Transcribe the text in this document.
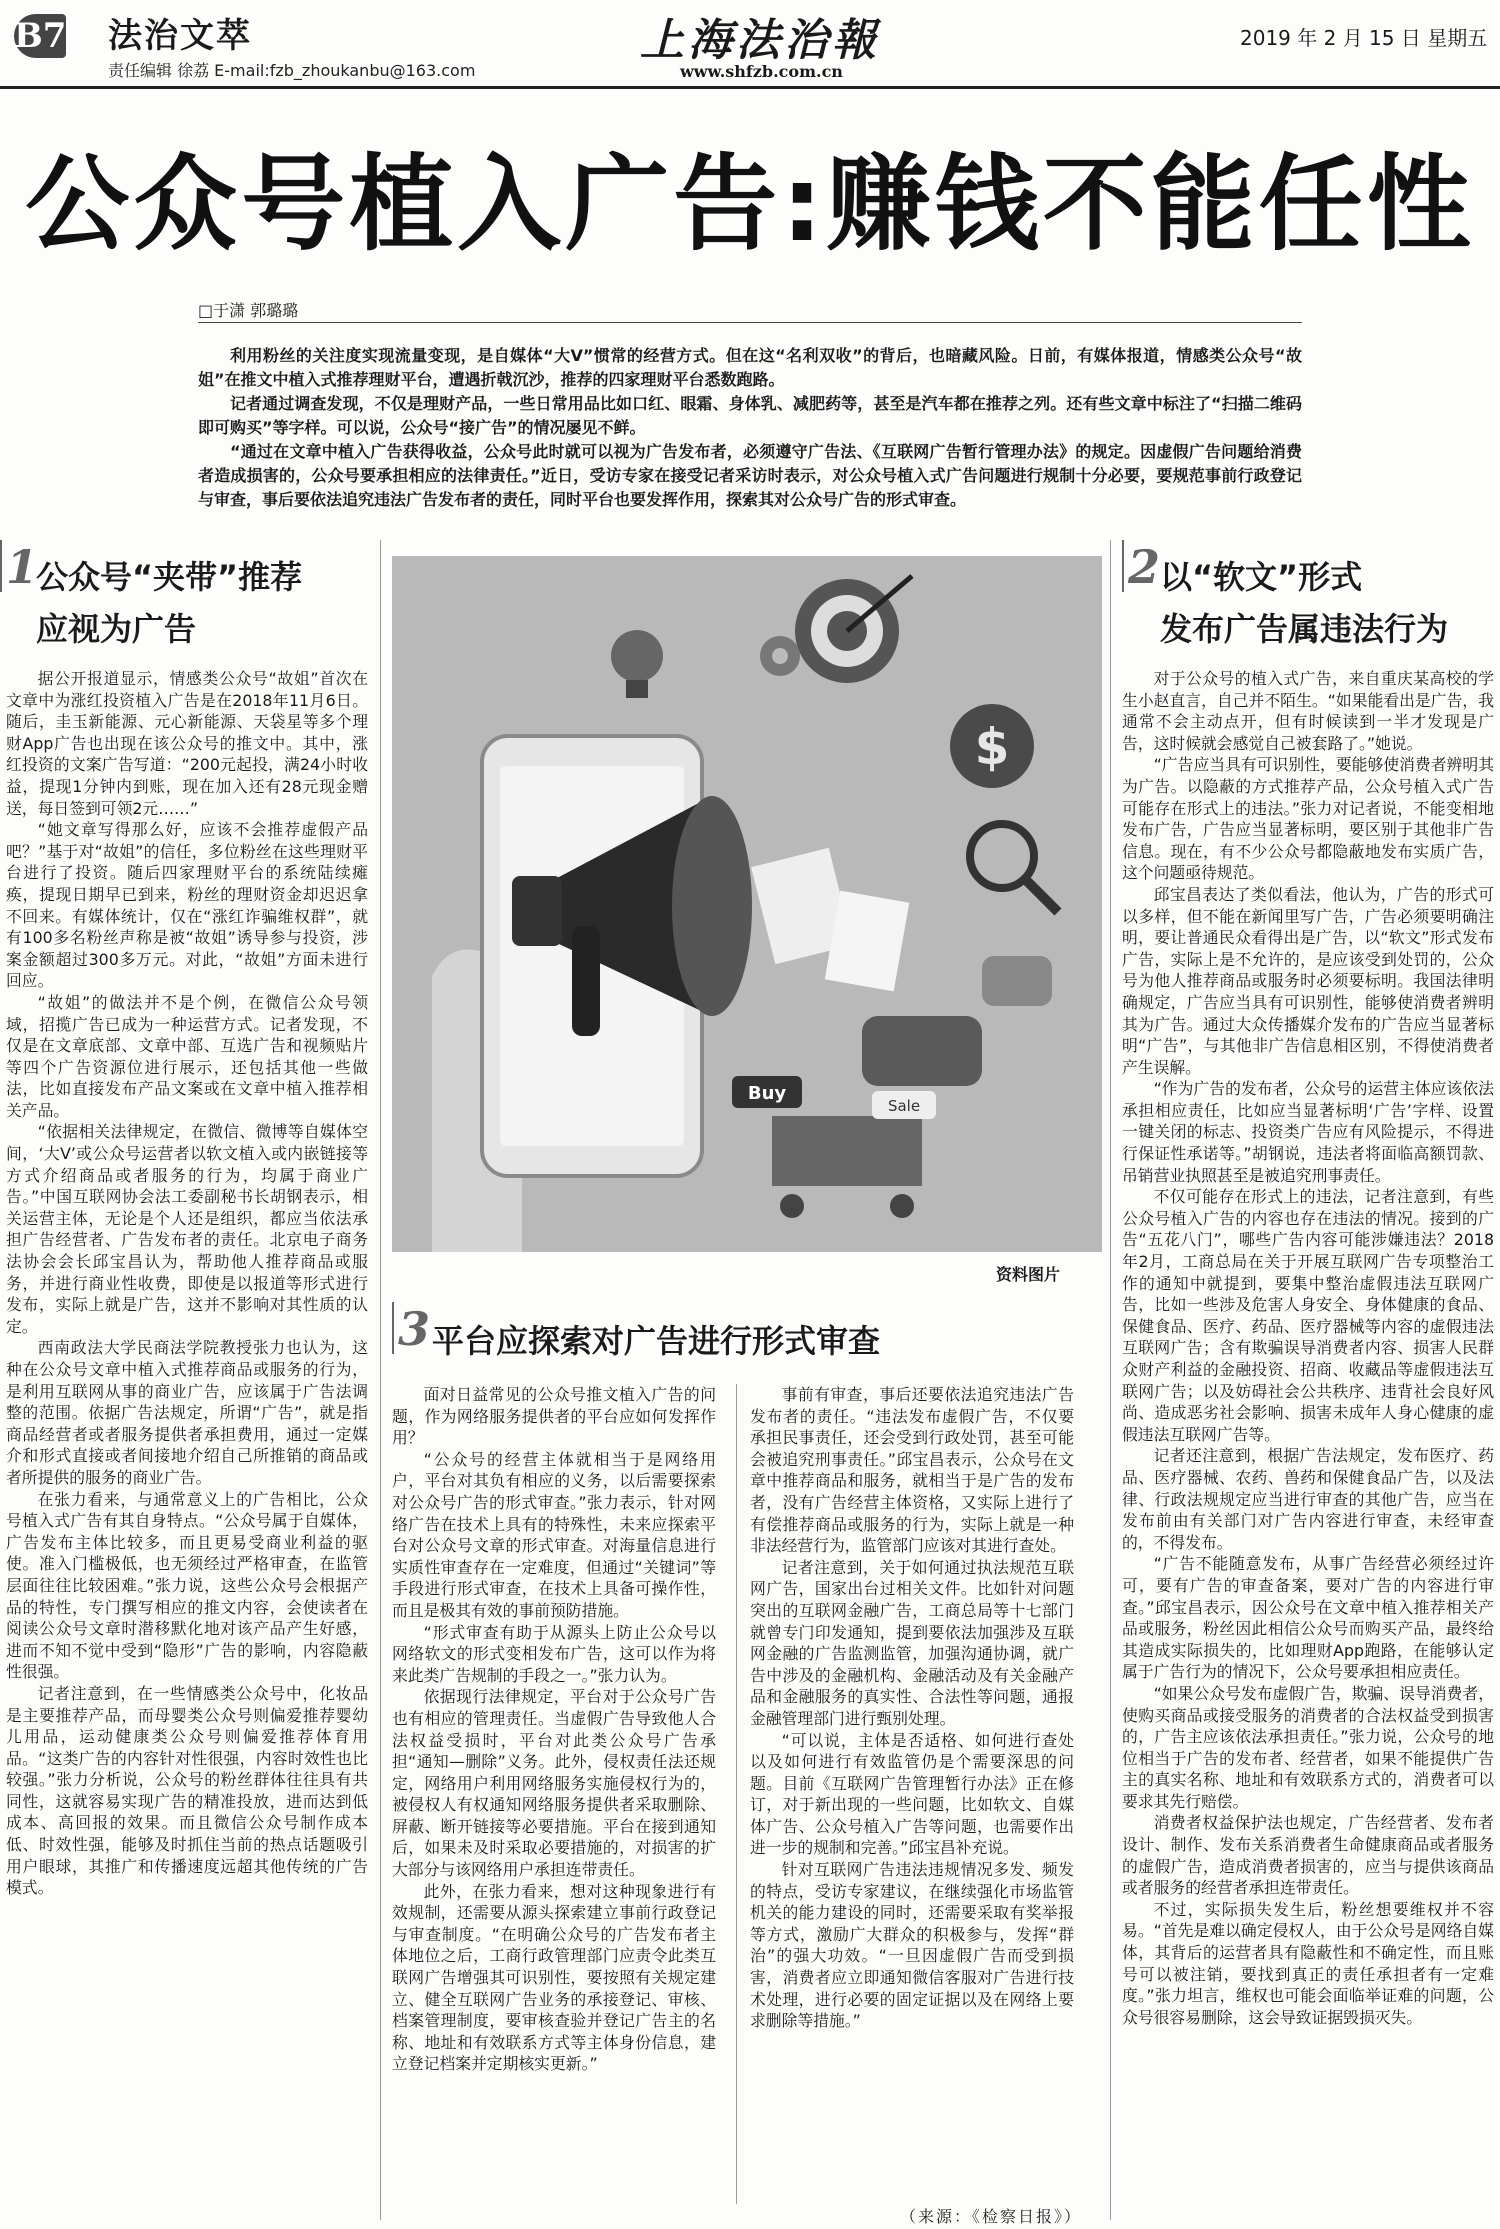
B7 法治文萃
责任编辑 徐荔 E-mail:fzb_zhoukanbu@163.com
上海法治報
www.shfzb.com.cn
2019 年 2 月 15 日 星期五
公众号植入广告:赚钱不能任性
□于潇 郭璐璐

利用粉丝的关注度实现流量变现，是自媒体“大V”惯常的经营方式。但在这“名利双收”的背后，也暗藏风险。日前，有媒体报道，情感类公众号“故姐”在推文中植入式推荐理财平台，遭遇折戟沉沙，推荐的四家理财平台悉数跑路。

记者通过调查发现，不仅是理财产品，一些日常用品比如口红、眼霜、身体乳、减肥药等，甚至是汽车都在推荐之列。还有些文章中标注了“扫描二维码即可购买”等字样。可以说，公众号“接广告”的情况屡见不鲜。

“通过在文章中植入广告获得收益，公众号此时就可以视为广告发布者，必须遵守广告法、《互联网广告暂行管理办法》的规定。因虚假广告问题给消费者造成损害的，公众号要承担相应的法律责任。”近日，受访专家在接受记者采访时表示，对公众号植入式广告问题进行规制十分必要，要规范事前行政登记与审查，事后要依法追究违法广告发布者的责任，同时平台也要发挥作用，探索其对公众号广告的形式审查。

1
公众号“夹带”推荐
应视为广告
2 以“软文”形式
发布广告属违法行为

据公开报道显示，情感类公众号“故姐”首次在文章中为涨红投资植入广告是在2018年11月6日。随后，圭玉新能源、元心新能源、天袋星等多个理财App广告也出现在该公众号的推文中。其中，涨红投资的文案广告写道：“200元起投，满24小时收益，提现1分钟内到账，现在加入还有28元现金赠送，每日签到可领2元……”

“她文章写得那么好，应该不会推荐虚假产品吧？”基于对“故姐”的信任，多位粉丝在这些理财平台进行了投资。随后四家理财平台的系统陆续瘫痪，提现日期早已到来，粉丝的理财资金却迟迟拿不回来。有媒体统计，仅在“涨红诈骗维权群”，就有100多名粉丝声称是被“故姐”诱导参与投资，涉案金额超过300多万元。对此，“故姐”方面未进行回应。

“故姐”的做法并不是个例，在微信公众号领域，招揽广告已成为一种运营方式。记者发现，不仅是在文章底部、文章中部、互选广告和视频贴片等四个广告资源位进行展示，还包括其他一些做法，比如直接发布产品文案或在文章中植入推荐相关产品。

“依据相关法律规定，在微信、微博等自媒体空间，‘大V’或公众号运营者以软文植入或内嵌链接等方式介绍商品或者服务的行为，均属于商业广告。”中国互联网协会法工委副秘书长胡钢表示，相关运营主体，无论是个人还是组织，都应当依法承担广告经营者、广告发布者的责任。北京电子商务法协会会长邱宝昌认为，帮助他人推荐商品或服务，并进行商业性收费，即使是以报道等形式进行发布，实际上就是广告，这并不影响对其性质的认定。

西南政法大学民商法学院教授张力也认为，这种在公众号文章中植入式推荐商品或服务的行为，是利用互联网从事的商业广告，应该属于广告法调整的范围。依据广告法规定，所谓“广告”，就是指商品经营者或者服务提供者承担费用，通过一定媒介和形式直接或者间接地介绍自己所推销的商品或者所提供的服务的商业广告。

在张力看来，与通常意义上的广告相比，公众号植入式广告有其自身特点。“公众号属于自媒体，广告发布主体比较多，而且更易受商业利益的驱使。准入门槛极低，也无须经过严格审查，在监管层面往往比较困难。”张力说，这些公众号会根据产品的特性，专门撰写相应的推文内容，会使读者在阅读公众号文章时潜移默化地对该产品产生好感，进而不知不觉中受到“隐形”广告的影响，内容隐蔽性很强。

记者注意到，在一些情感类公众号中，化妆品是主要推荐产品，而母婴类公众号则偏爱推荐婴幼儿用品，运动健康类公众号则偏爱推荐体育用品。“这类广告的内容针对性很强，内容时效性也比较强。”张力分析说，公众号的粉丝群体往往具有共同性，这就容易实现广告的精准投放，进而达到低成本、高回报的效果。而且微信公众号制作成本低、时效性强，能够及时抓住当前的热点话题吸引用户眼球，其推广和传播速度远超其他传统的广告模式。

$
Buy
Sale
资料图片
3 平台应探索对广告进行形式审查

面对日益常见的公众号推文植入广告的问题，作为网络服务提供者的平台应如何发挥作用？

“公众号的经营主体就相当于是网络用户，平台对其负有相应的义务，以后需要探索对公众号广告的形式审查。”张力表示，针对网络广告在技术上具有的特殊性，未来应探索平台对公众号文章的形式审查。对海量信息进行实质性审查存在一定难度，但通过“关键词”等手段进行形式审查，在技术上具备可操作性，而且是极其有效的事前预防措施。

“形式审查有助于从源头上防止公众号以网络软文的形式变相发布广告，这可以作为将来此类广告规制的手段之一。”张力认为。

依据现行法律规定，平台对于公众号广告也有相应的管理责任。当虚假广告导致他人合法权益受损时，平台对此类公众号广告承担“通知—删除”义务。此外，侵权责任法还规定，网络用户利用网络服务实施侵权行为的，被侵权人有权通知网络服务提供者采取删除、屏蔽、断开链接等必要措施。平台在接到通知后，如果未及时采取必要措施的，对损害的扩大部分与该网络用户承担连带责任。

此外，在张力看来，想对这种现象进行有效规制，还需要从源头探索建立事前行政登记与审查制度。“在明确公众号的广告发布者主体地位之后，工商行政管理部门应责令此类互联网广告增强其可识别性，要按照有关规定建立、健全互联网广告业务的承接登记、审核、档案管理制度，要审核查验并登记广告主的名称、地址和有效联系方式等主体身份信息，建立登记档案并定期核实更新。”

事前有审查，事后还要依法追究违法广告发布者的责任。“违法发布虚假广告，不仅要承担民事责任，还会受到行政处罚，甚至可能会被追究刑事责任。”邱宝昌表示，公众号在文章中推荐商品和服务，就相当于是广告的发布者，没有广告经营主体资格，又实际上进行了有偿推荐商品或服务的行为，实际上就是一种非法经营行为，监管部门应该对其进行查处。

记者注意到，关于如何通过执法规范互联网广告，国家出台过相关文件。比如针对问题突出的互联网金融广告，工商总局等十七部门就曾专门印发通知，提到要依法加强涉及互联网金融的广告监测监管，加强沟通协调，就广告中涉及的金融机构、金融活动及有关金融产品和金融服务的真实性、合法性等问题，通报金融管理部门进行甄别处理。

“可以说，主体是否适格、如何进行查处以及如何进行有效监管仍是个需要深思的问题。目前《互联网广告管理暂行办法》正在修订，对于新出现的一些问题，比如软文、自媒体广告、公众号植入广告等问题，也需要作出进一步的规制和完善。”邱宝昌补充说。

针对互联网广告违法违规情况多发、频发的特点，受访专家建议，在继续强化市场监管机关的能力建设的同时，还需要采取有奖举报等方式，激励广大群众的积极参与，发挥“群治”的强大功效。“一旦因虚假广告而受到损害，消费者应立即通知微信客服对广告进行技术处理，进行必要的固定证据以及在网络上要求删除等措施。”

（来源：《检察日报》）

对于公众号的植入式广告，来自重庆某高校的学生小赵直言，自己并不陌生。“如果能看出是广告，我通常不会主动点开，但有时候读到一半才发现是广告，这时候就会感觉自己被套路了。”她说。

“广告应当具有可识别性，要能够使消费者辨明其为广告。以隐蔽的方式推荐产品，公众号植入式广告可能存在形式上的违法。”张力对记者说，不能变相地发布广告，广告应当显著标明，要区别于其他非广告信息。现在，有不少公众号都隐蔽地发布实质广告，这个问题亟待规范。

邱宝昌表达了类似看法，他认为，广告的形式可以多样，但不能在新闻里写广告，广告必须要明确注明，要让普通民众看得出是广告，以“软文”形式发布广告，实际上是不允许的，是应该受到处罚的，公众号为他人推荐商品或服务时必须要标明。我国法律明确规定，广告应当具有可识别性，能够使消费者辨明其为广告。通过大众传播媒介发布的广告应当显著标明“广告”，与其他非广告信息相区别，不得使消费者产生误解。

“作为广告的发布者，公众号的运营主体应该依法承担相应责任，比如应当显著标明‘广告’字样、设置一键关闭的标志、投资类广告应有风险提示，不得进行保证性承诺等。”胡钢说，违法者将面临高额罚款、吊销营业执照甚至是被追究刑事责任。

不仅可能存在形式上的违法，记者注意到，有些公众号植入广告的内容也存在违法的情况。接到的广告“五花八门”，哪些广告内容可能涉嫌违法？2018年2月，工商总局在关于开展互联网广告专项整治工作的通知中就提到，要集中整治虚假违法互联网广告，比如一些涉及危害人身安全、身体健康的食品、保健食品、医疗、药品、医疗器械等内容的虚假违法互联网广告；含有欺骗误导消费者内容、损害人民群众财产利益的金融投资、招商、收藏品等虚假违法互联网广告；以及妨碍社会公共秩序、违背社会良好风尚、造成恶劣社会影响、损害未成年人身心健康的虚假违法互联网广告等。

记者还注意到，根据广告法规定，发布医疗、药品、医疗器械、农药、兽药和保健食品广告，以及法律、行政法规规定应当进行审查的其他广告，应当在发布前由有关部门对广告内容进行审查，未经审查的，不得发布。

“广告不能随意发布，从事广告经营必须经过许可，要有广告的审查备案，要对广告的内容进行审查。”邱宝昌表示，因公众号在文章中植入推荐相关产品或服务，粉丝因此相信公众号而购买产品，最终给其造成实际损失的，比如理财App跑路，在能够认定属于广告行为的情况下，公众号要承担相应责任。

“如果公众号发布虚假广告，欺骗、误导消费者，使购买商品或接受服务的消费者的合法权益受到损害的，广告主应该依法承担责任。”张力说，公众号的地位相当于广告的发布者、经营者，如果不能提供广告主的真实名称、地址和有效联系方式的，消费者可以要求其先行赔偿。

消费者权益保护法也规定，广告经营者、发布者设计、制作、发布关系消费者生命健康商品或者服务的虚假广告，造成消费者损害的，应当与提供该商品或者服务的经营者承担连带责任。

不过，实际损失发生后，粉丝想要维权并不容易。“首先是难以确定侵权人，由于公众号是网络自媒体，其背后的运营者具有隐蔽性和不确定性，而且账号可以被注销，要找到真正的责任承担者有一定难度。”张力坦言，维权也可能会面临举证难的问题，公众号很容易删除，这会导致证据毁损灭失。
